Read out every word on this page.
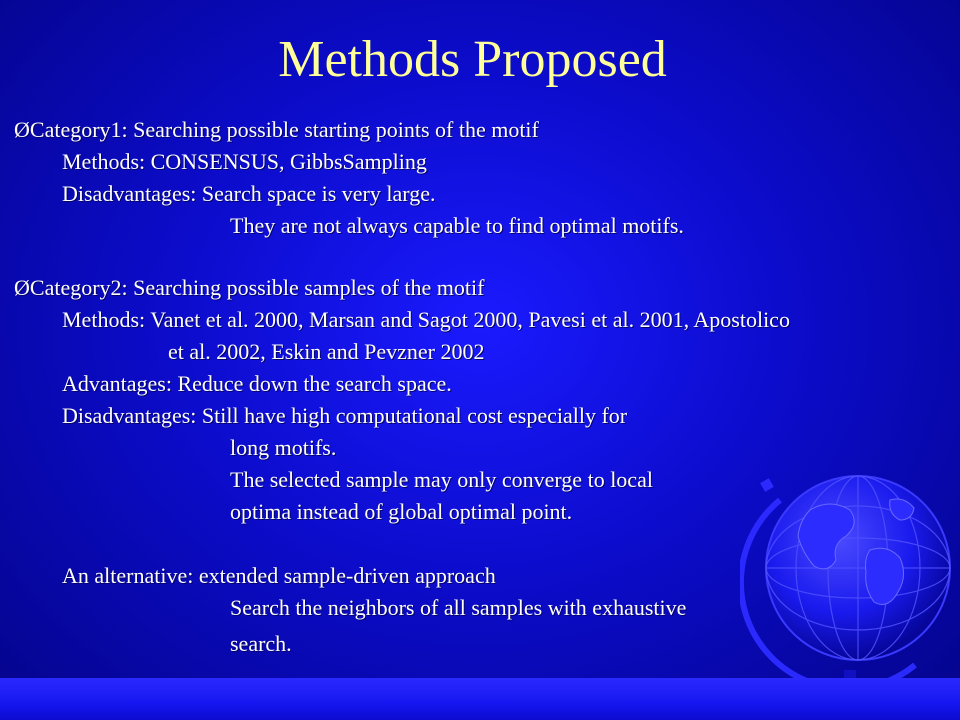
Methods Proposed
ØCategory1: Searching possible starting points of the motif
Methods: CONSENSUS, GibbsSampling
Disadvantages: Search space is very large.
They are not always capable to find optimal motifs.
ØCategory2: Searching possible samples of the motif
Methods: Vanet et al. 2000, Marsan and Sagot 2000, Pavesi et al. 2001, Apostolico
et al. 2002, Eskin and Pevzner 2002
Advantages: Reduce down the search space.
Disadvantages: Still have high computational cost especially for
long motifs.
The selected sample may only converge to local
optima instead of global optimal point.
An alternative: extended sample-driven approach
Search the neighbors of all samples with exhaustive
search.
